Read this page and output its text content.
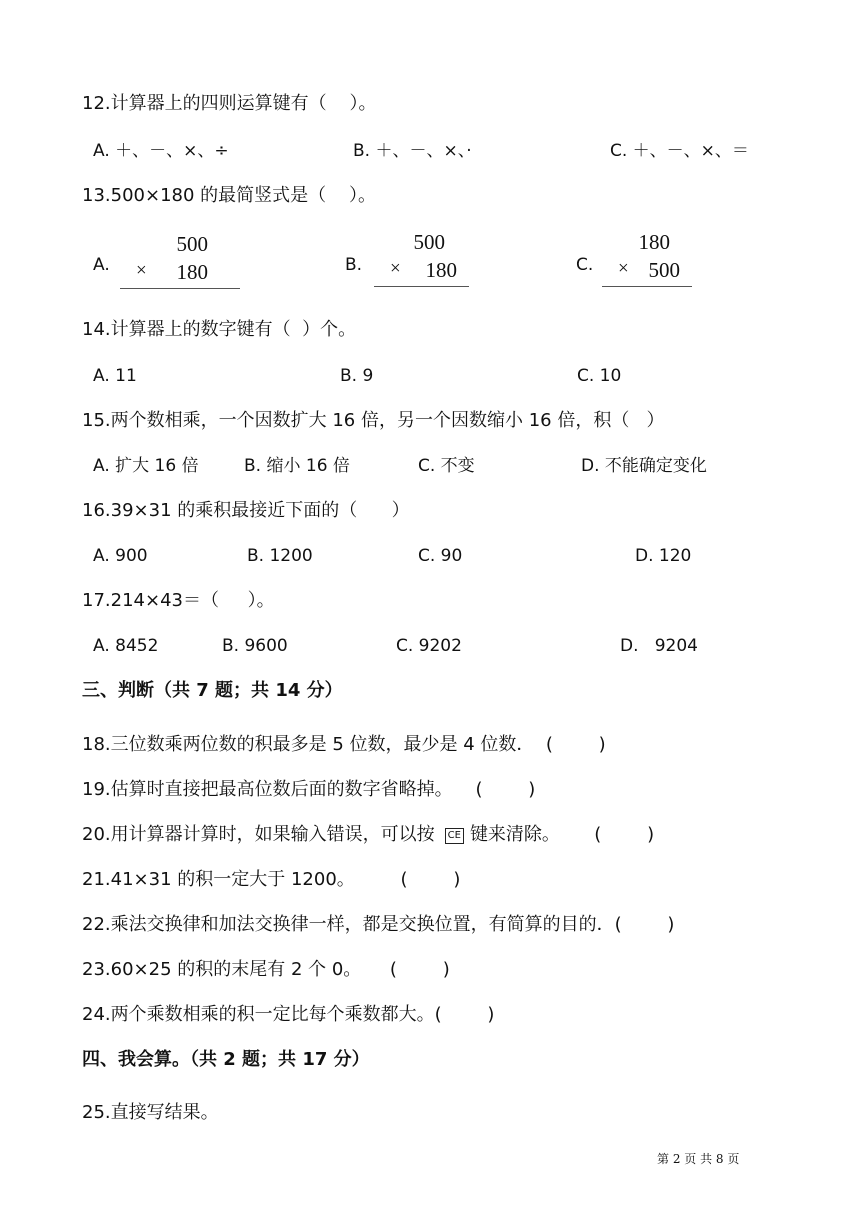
12.计算器上的四则运算键有（    ）。
A. ＋、－、×、÷	B. ＋、－、×、·	C. ＋、－、×、＝
13.500×180 的最简竖式是（    ）。
A.
500
× 180	B.
500
× 180	C.
180
× 500
14.计算器上的数字键有（  ）个。
A. 11	B. 9	C. 10
15.两个数相乘，一个因数扩大 16 倍，另一个因数缩小 16 倍，积（   ）
A. 扩大 16 倍	B. 缩小 16 倍	C. 不变	D. 不能确定变化
16.39×31 的乘积最接近下面的（      ）
A. 900	B. 1200	C. 90	D. 120
17.214×43＝（     ）。
A. 8452	B. 9600	C. 9202	D.   9204
三、判断（共 7 题；共 14 分）
18.三位数乘两位数的积最多是 5 位数，最少是 4 位数．  (        )
19.估算时直接把最高位数后面的数字省略掉。    (        )
20.用计算器计算时，如果输入错误，可以按 CE 键来清除。      (        )
21.41×31 的积一定大于 1200。        (        )
22.乘法交换律和加法交换律一样，都是交换位置，有简算的目的．(        )
23.60×25 的积的末尾有 2 个 0。     (        )
24.两个乘数相乘的积一定比每个乘数都大。(        )
四、我会算。（共 2 题；共 17 分）
25.直接写结果。
第 2 页 共 8 页
